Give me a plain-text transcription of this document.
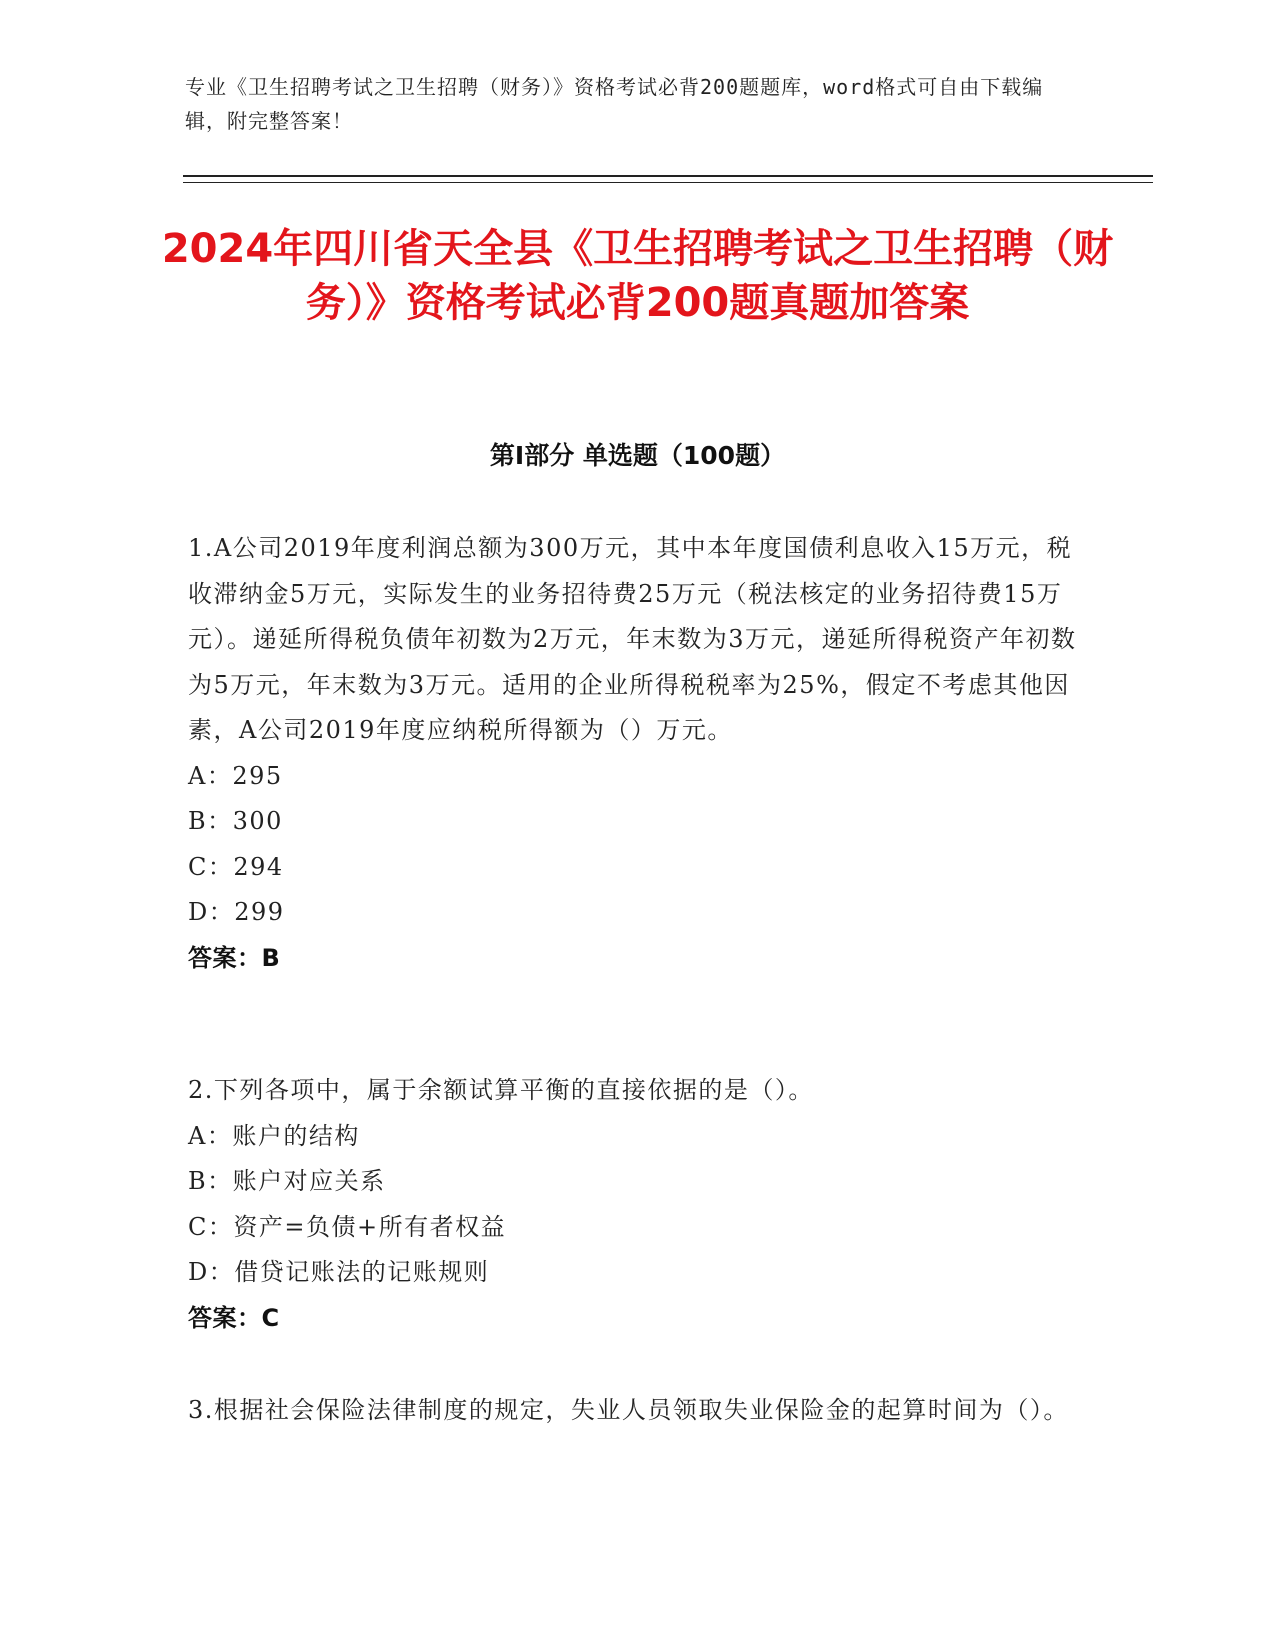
专业《卫生招聘考试之卫生招聘（财务）》资格考试必背200题题库，word格式可自由下载编辑，附完整答案！
2024年四川省天全县《卫生招聘考试之卫生招聘（财务）》资格考试必背200题真题加答案
第I部分 单选题（100题）

1.A公司2019年度利润总额为300万元，其中本年度国债利息收入15万元，税收滞纳金5万元，实际发生的业务招待费25万元（税法核定的业务招待费15万元）。递延所得税负债年初数为2万元，年末数为3万元，递延所得税资产年初数为5万元，年末数为3万元。适用的企业所得税税率为25%，假定不考虑其他因素，A公司2019年度应纳税所得额为（）万元。

A：295

B：300

C：294

D：299

答案：B

2.下列各项中，属于余额试算平衡的直接依据的是（）。

A：账户的结构

B：账户对应关系

C：资产=负债+所有者权益

D：借贷记账法的记账规则

答案：C

3.根据社会保险法律制度的规定，失业人员领取失业保险金的起算时间为（）。
